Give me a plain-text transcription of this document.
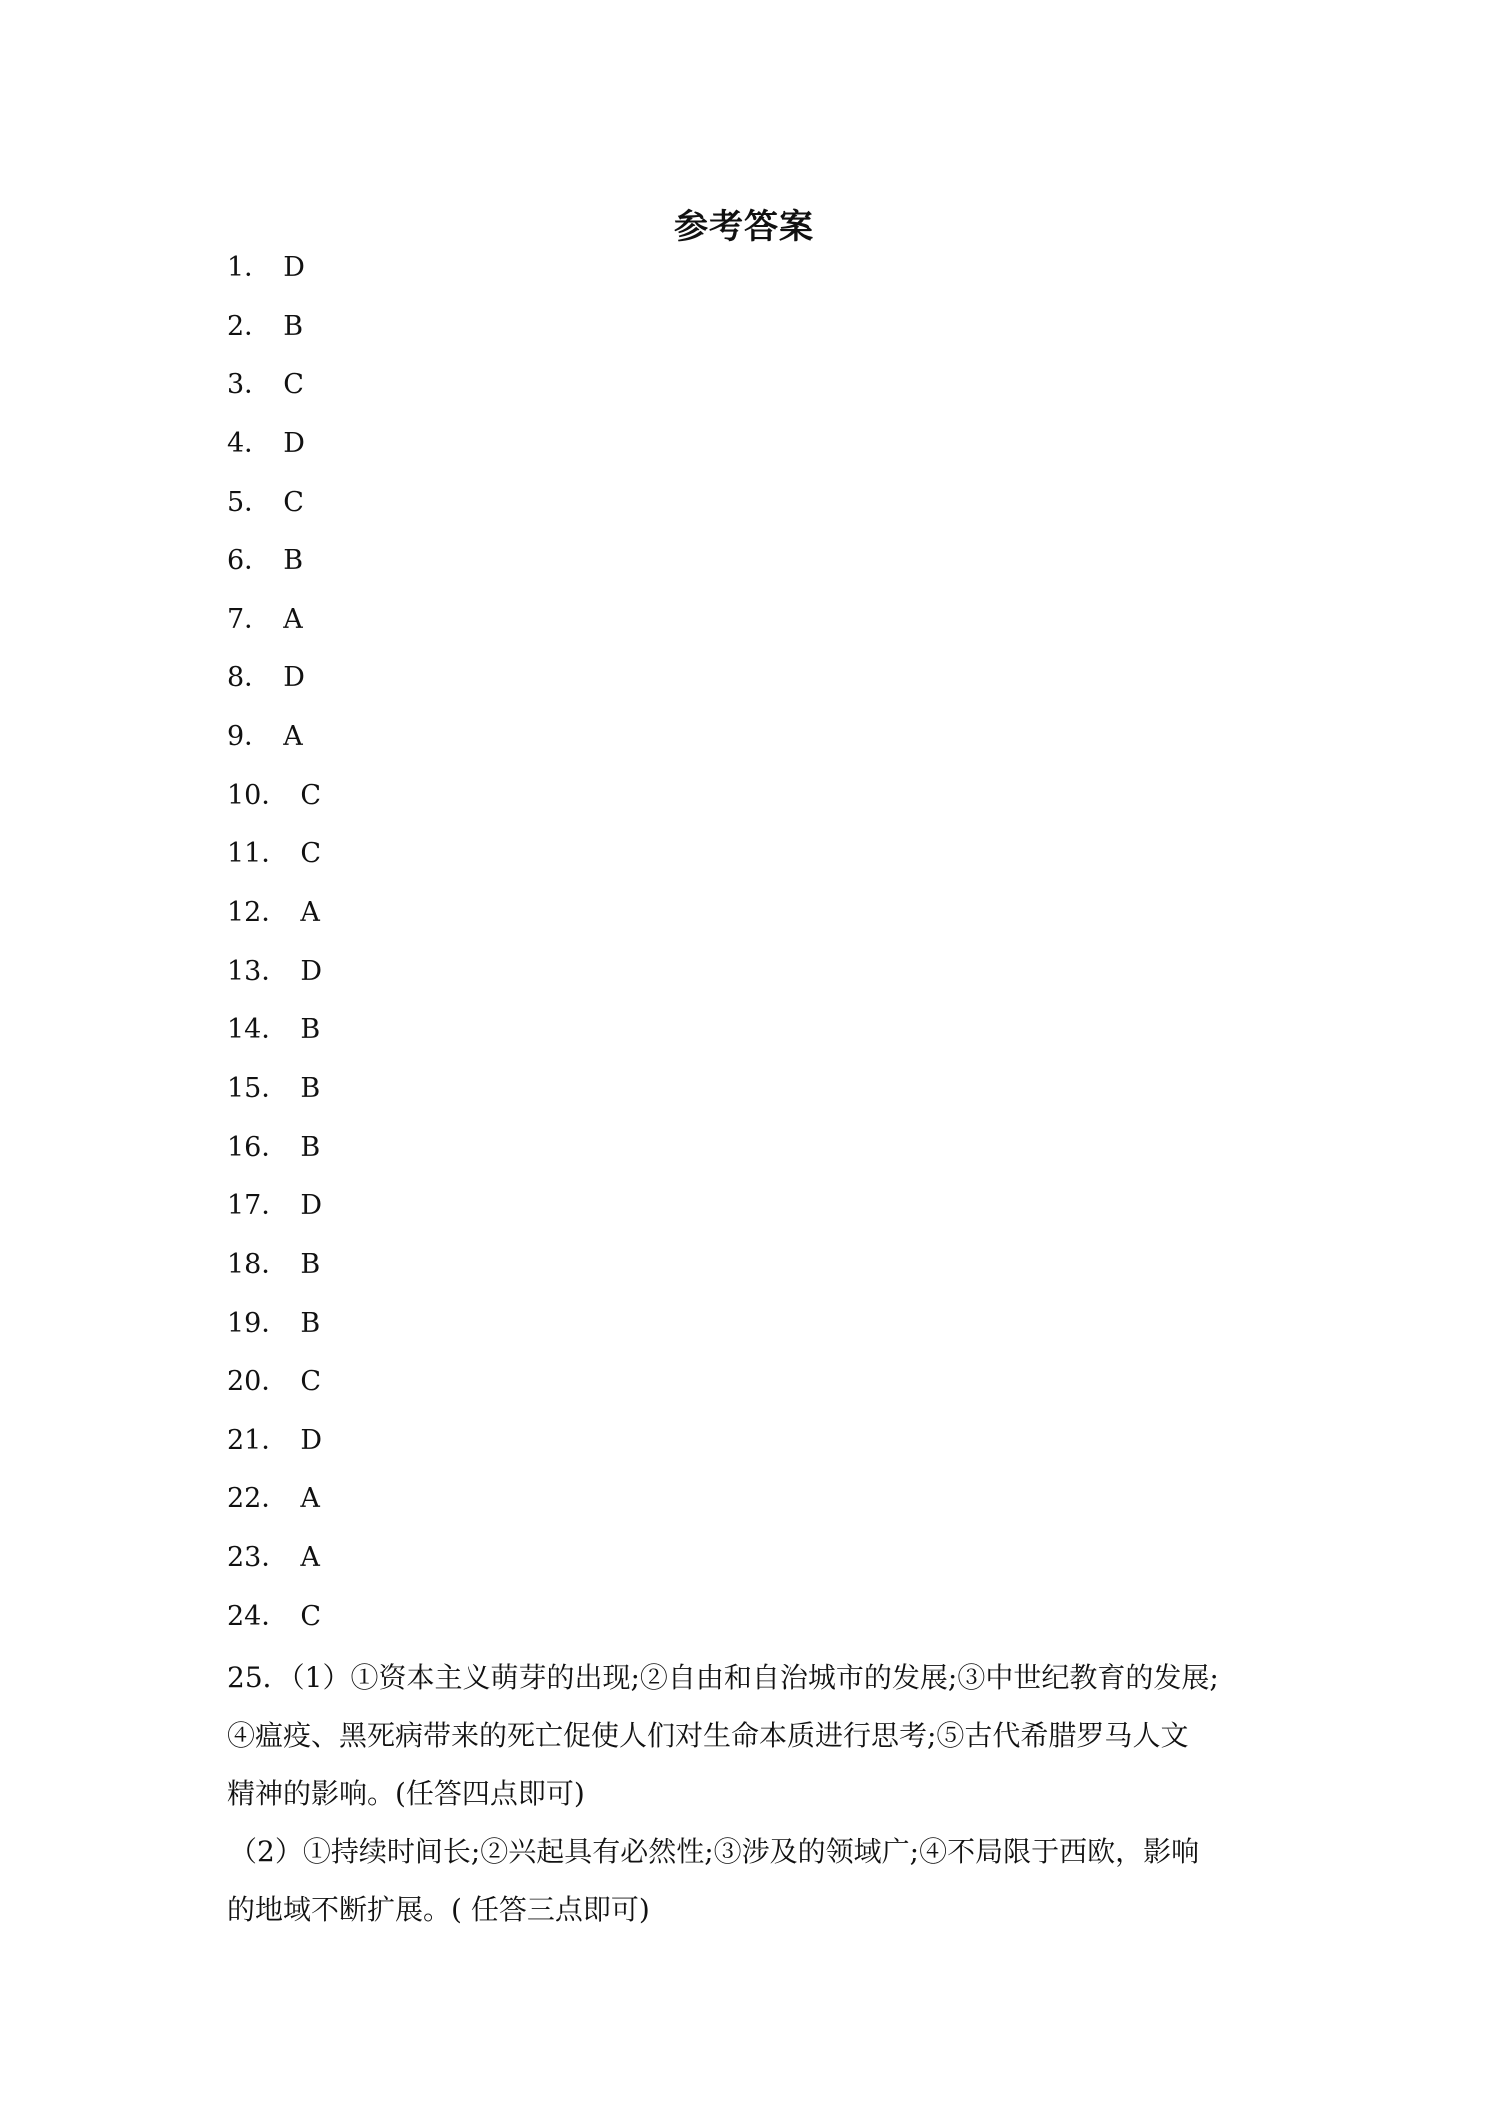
参考答案
1． D
2． B
3． C
4． D
5． C
6． B
7． A
8． D
9． A
10． C
11． C
12． A
13． D
14． B
15． B
16． B
17． D
18． B
19． B
20． C
21． D
22． A
23． A
24． C
25．（1）①资本主义萌芽的出现;②自由和自治城市的发展;③中世纪教育的发展;
④瘟疫、黑死病带来的死亡促使人们对生命本质进行思考;⑤古代希腊罗马人文
精神的影响。(任答四点即可)
（2）①持续时间长;②兴起具有必然性;③涉及的领域广;④不局限于西欧，影响
的地域不断扩展。( 任答三点即可)
